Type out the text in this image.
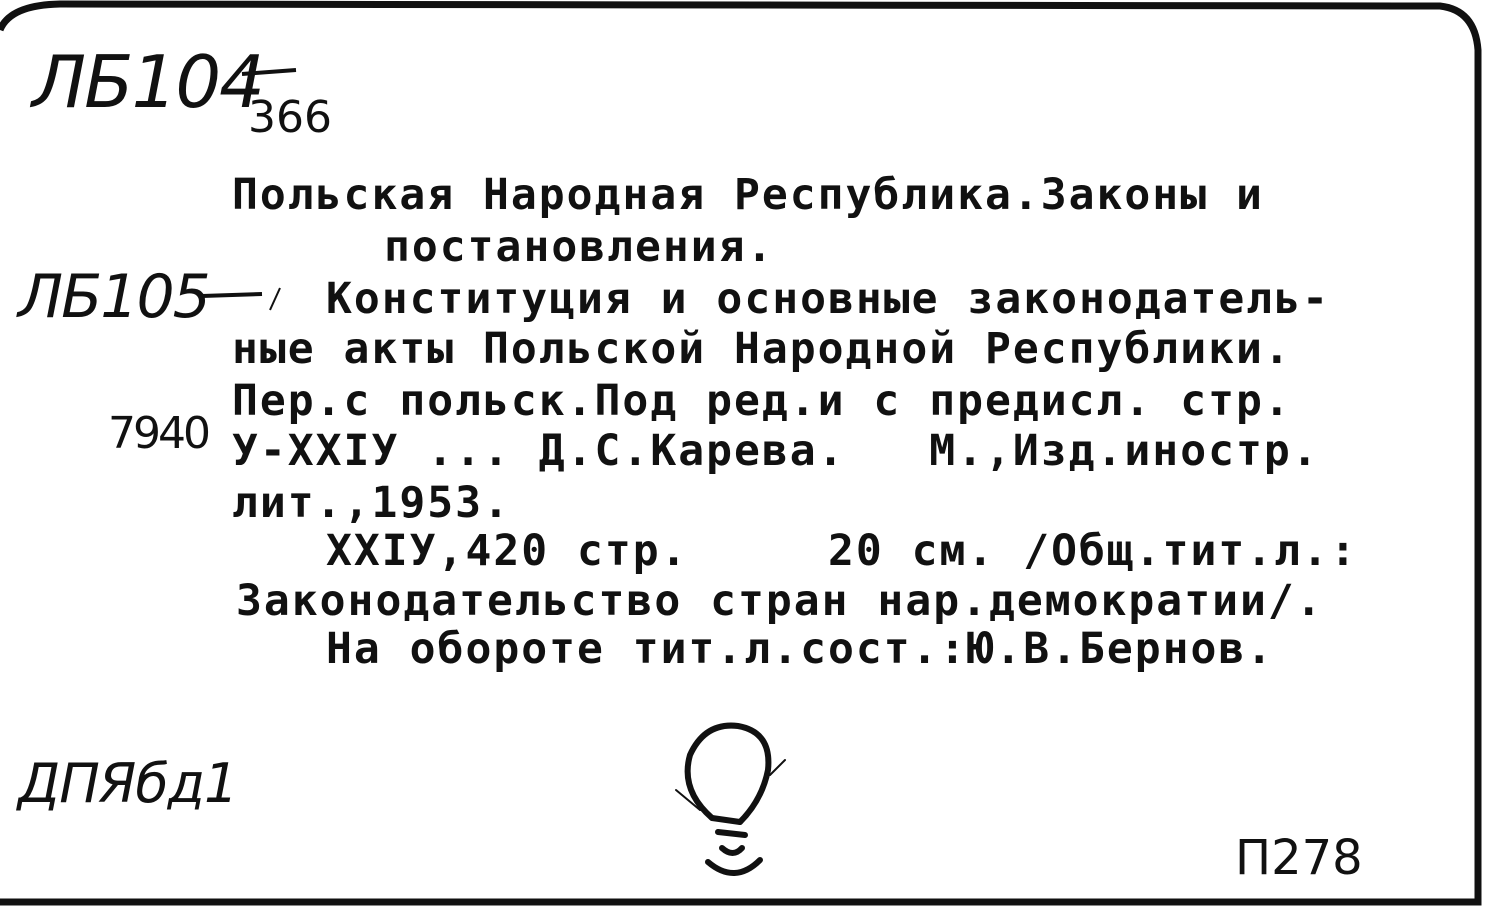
ЛБ104
366
ЛБ105
7940
ДПЯбд1
П278
Польская Народная Республика.Законы и
постановления.
Конституция и основные законодатель-
ные акты Польской Народной Республики.
Пер.с польск.Под ред.и с предисл. стр.
У-ХХIУ ... Д.С.Карева.   М.,Изд.иностр.
лит.,1953.
ХХIУ,420 стр.     20 см. /Общ.тит.л.:
Законодательство стран нар.демократии/.
На обороте тит.л.сост.:Ю.В.Бернов.
